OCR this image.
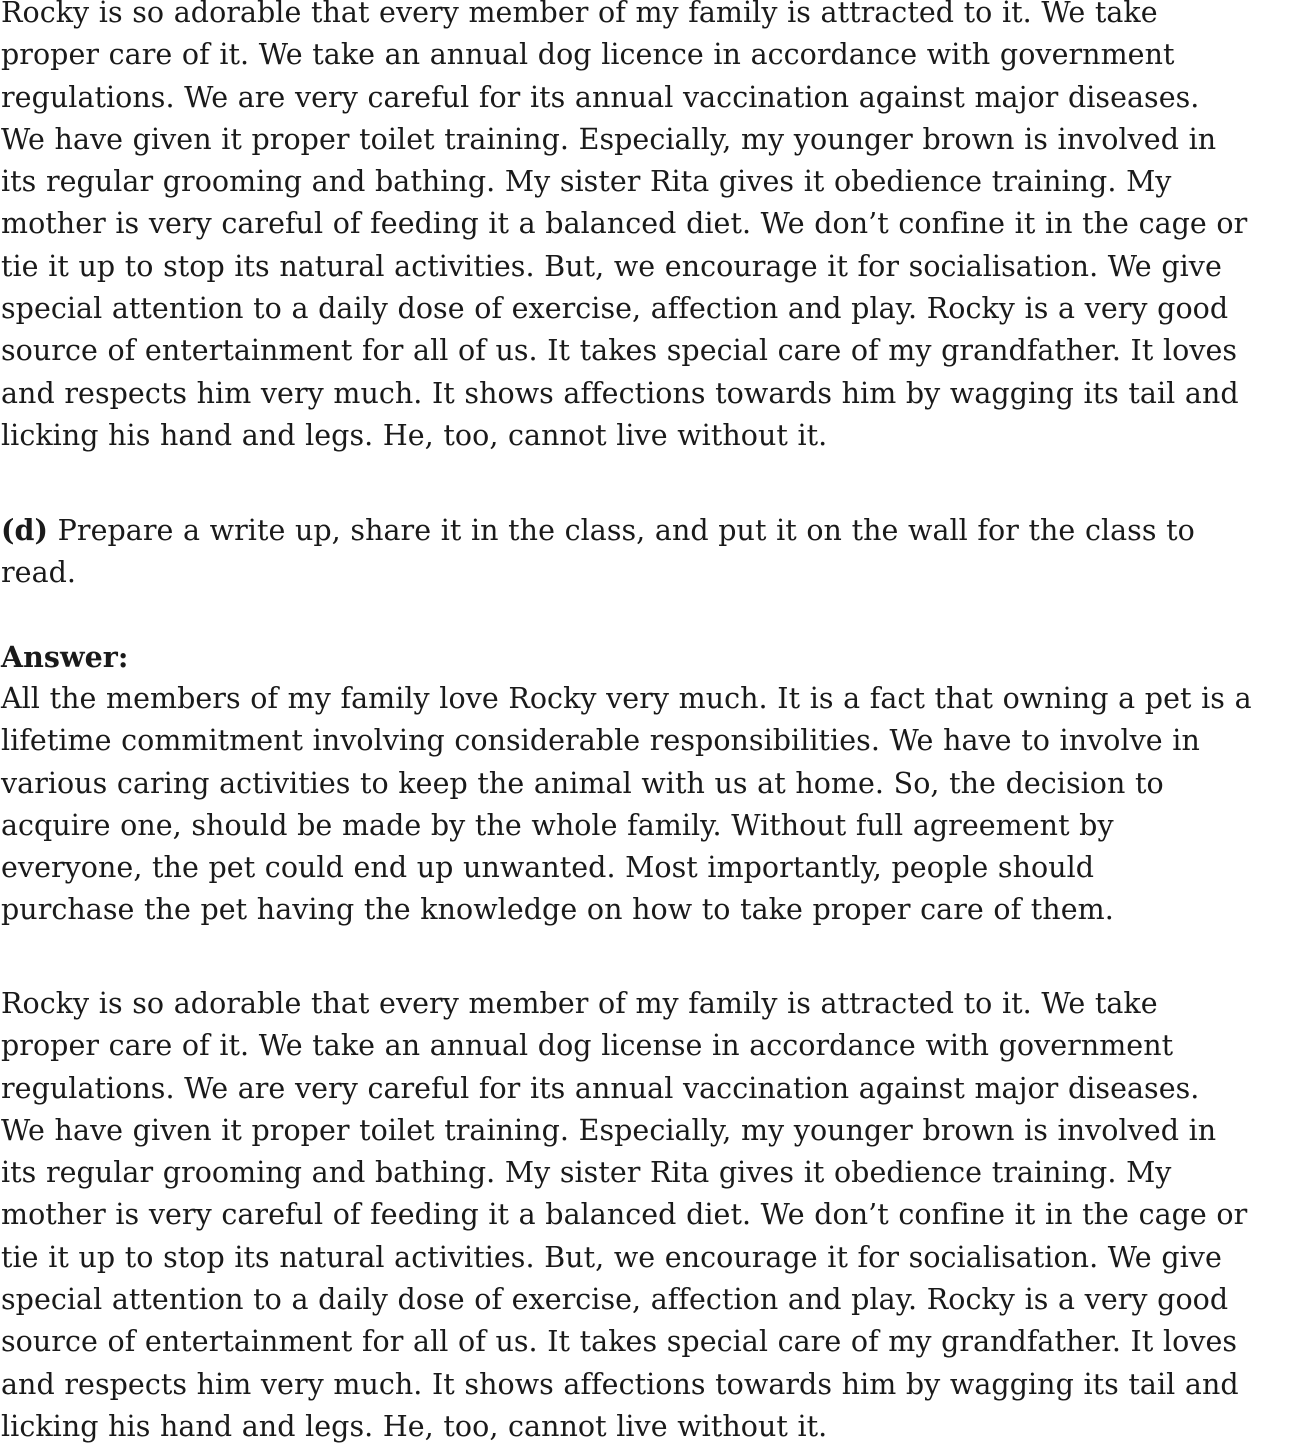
Rocky is so adorable that every member of my family is attracted to it. We take
proper care of it. We take an annual dog licence in accordance with government
regulations. We are very careful for its annual vaccination against major diseases.
We have given it proper toilet training. Especially, my younger brown is involved in
its regular grooming and bathing. My sister Rita gives it obedience training. My
mother is very careful of feeding it a balanced diet. We don’t confine it in the cage or
tie it up to stop its natural activities. But, we encourage it for socialisation. We give
special attention to a daily dose of exercise, affection and play. Rocky is a very good
source of entertainment for all of us. It takes special care of my grandfather. It loves
and respects him very much. It shows affections towards him by wagging its tail and
licking his hand and legs. He, too, cannot live without it.

(d) Prepare a write up, share it in the class, and put it on the wall for the class to
read.

Answer:

All the members of my family love Rocky very much. It is a fact that owning a pet is a
lifetime commitment involving considerable responsibilities. We have to involve in
various caring activities to keep the animal with us at home. So, the decision to
acquire one, should be made by the whole family. Without full agreement by
everyone, the pet could end up unwanted. Most importantly, people should
purchase the pet having the knowledge on how to take proper care of them.

Rocky is so adorable that every member of my family is attracted to it. We take
proper care of it. We take an annual dog license in accordance with government
regulations. We are very careful for its annual vaccination against major diseases.
We have given it proper toilet training. Especially, my younger brown is involved in
its regular grooming and bathing. My sister Rita gives it obedience training. My
mother is very careful of feeding it a balanced diet. We don’t confine it in the cage or
tie it up to stop its natural activities. But, we encourage it for socialisation. We give
special attention to a daily dose of exercise, affection and play. Rocky is a very good
source of entertainment for all of us. It takes special care of my grandfather. It loves
and respects him very much. It shows affections towards him by wagging its tail and
licking his hand and legs. He, too, cannot live without it.
